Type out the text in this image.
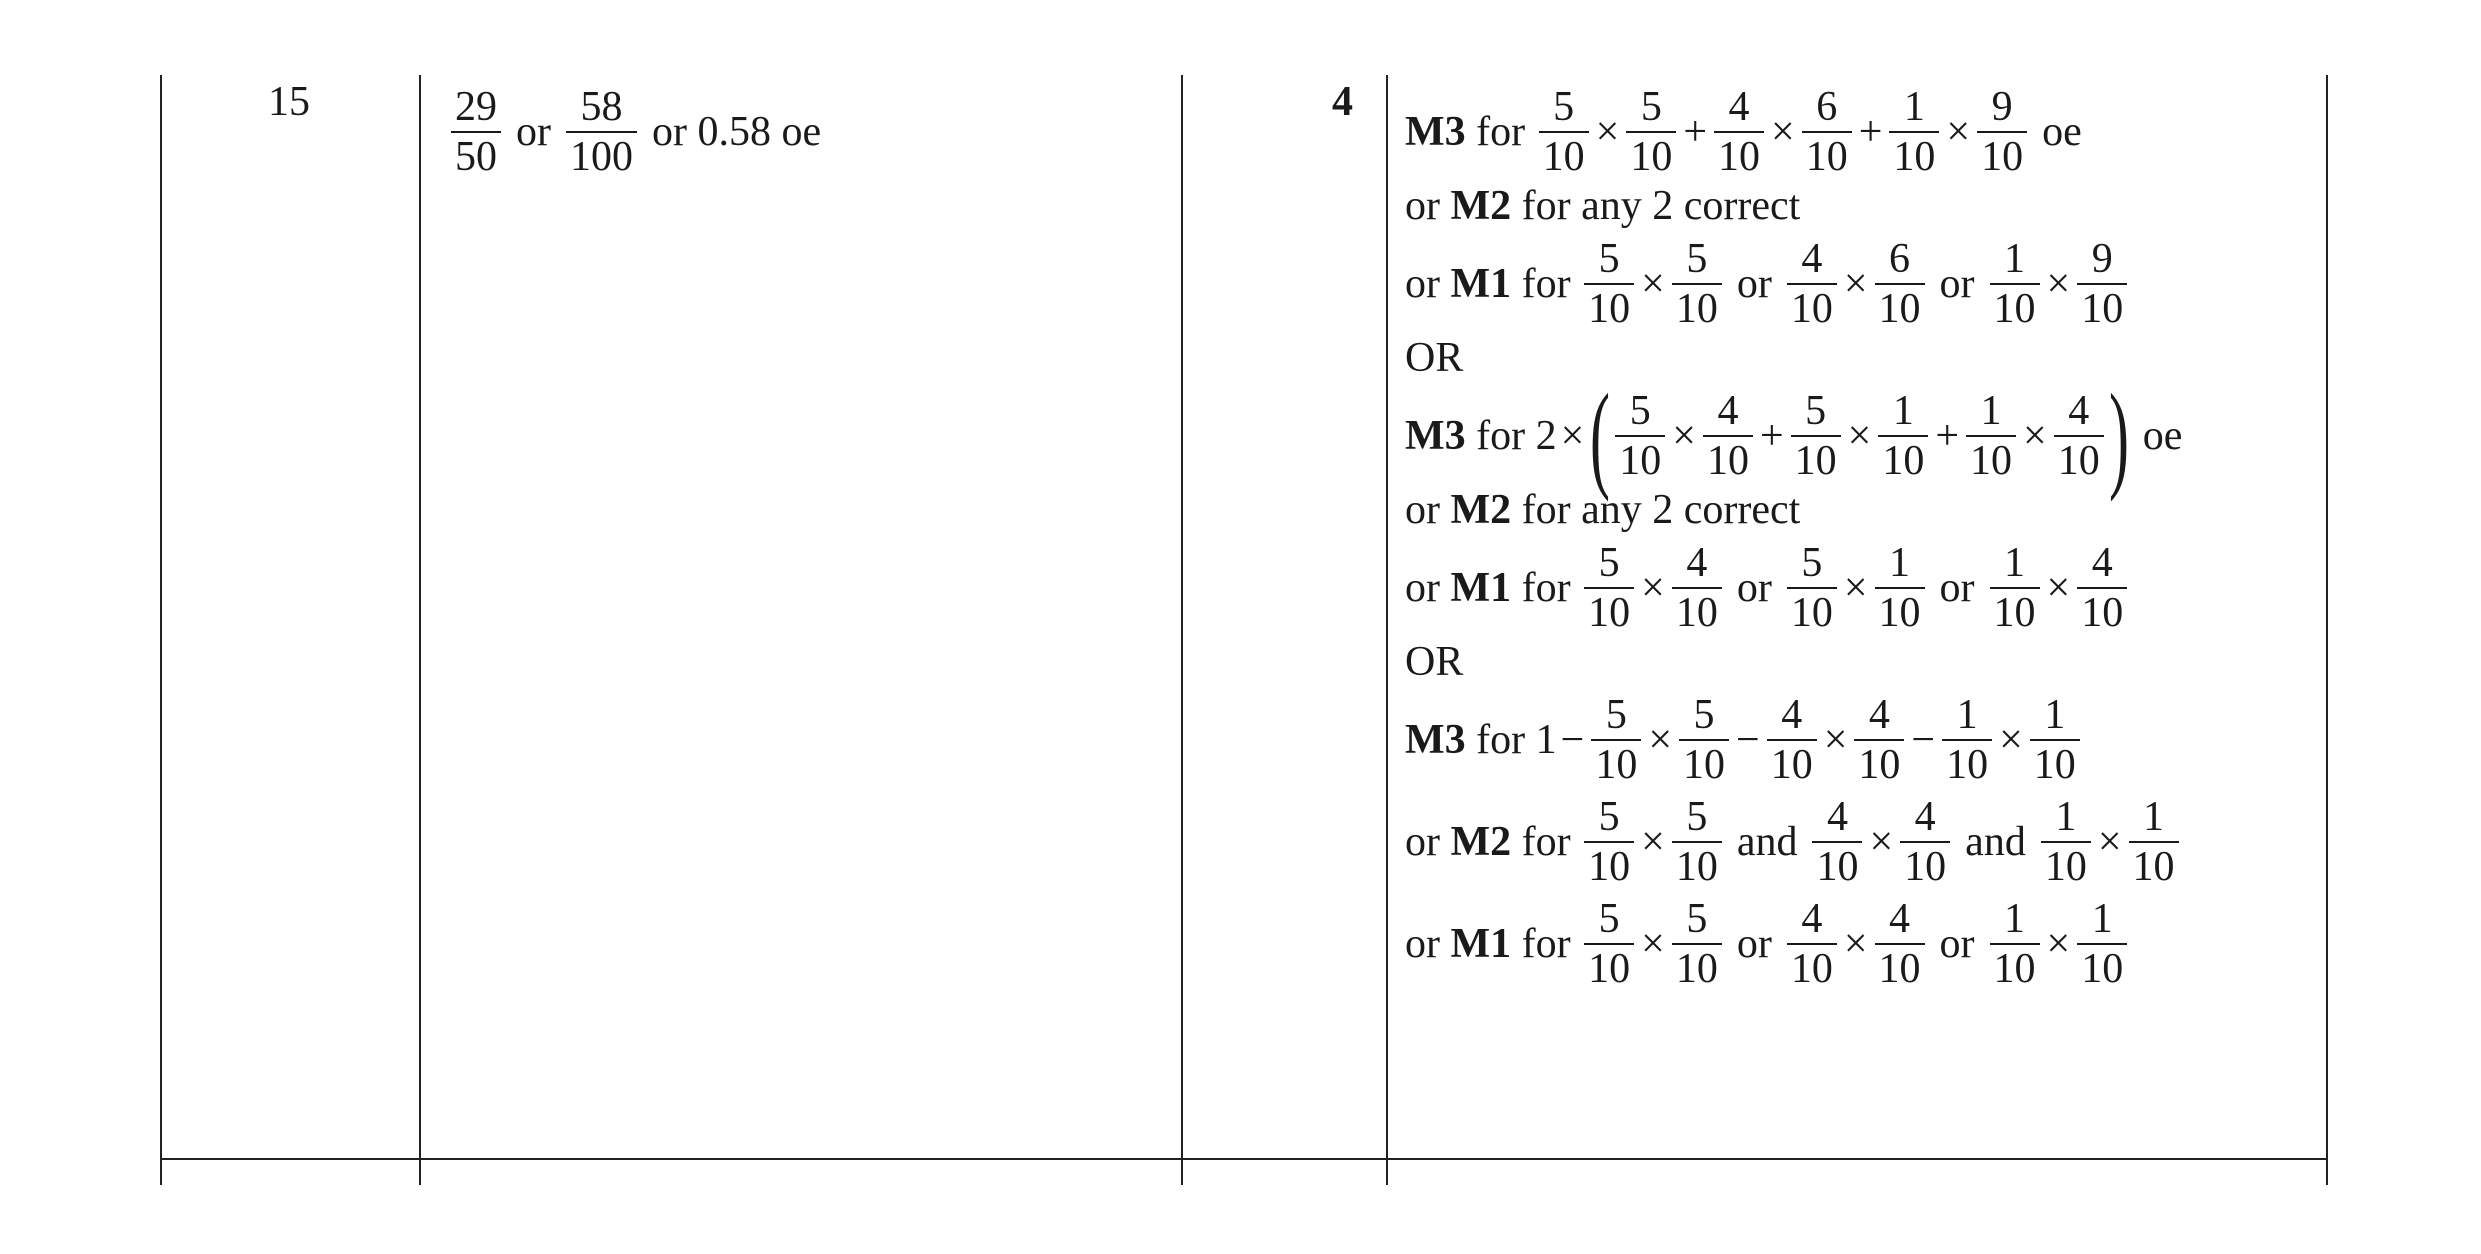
15	4
$\frac{29}{50}$ or $\frac{58}{100}$ or 0.58 oe	M3
for
$\frac{5}{10} \times \frac{5}{10} + \frac{4}{10} \times \frac{6}{10} + \frac{1}{10} \times \frac{9}{10}$ oe
or
M2
for any 2 correct
or
M1
for
$\frac{5}{10} \times \frac{5}{10}$ or $\frac{4}{10} \times \frac{6}{10}$ or $\frac{1}{10} \times \frac{9}{10}$
OR
M3
for
2 × ( $\frac{5}{10} \times \frac{4}{10} + \frac{5}{10} \times \frac{1}{10} + \frac{1}{10} \times \frac{4}{10}$ ) oe
or
M2
for any 2 correct
or
M1
for
$\frac{5}{10} \times \frac{4}{10}$ or $\frac{5}{10} \times \frac{1}{10}$ or $\frac{1}{10} \times \frac{4}{10}$
OR
M3
for
$1 - \frac{5}{10} \times \frac{5}{10} - \frac{4}{10} \times \frac{4}{10} - \frac{1}{10} \times \frac{1}{10}$
or
M2
for
$\frac{5}{10} \times \frac{5}{10}$ and $\frac{4}{10} \times \frac{4}{10}$ and $\frac{1}{10} \times \frac{1}{10}$
or
M1
for
$\frac{5}{10} \times \frac{5}{10}$ or $\frac{4}{10} \times \frac{4}{10}$ or $\frac{1}{10} \times \frac{1}{10}$
